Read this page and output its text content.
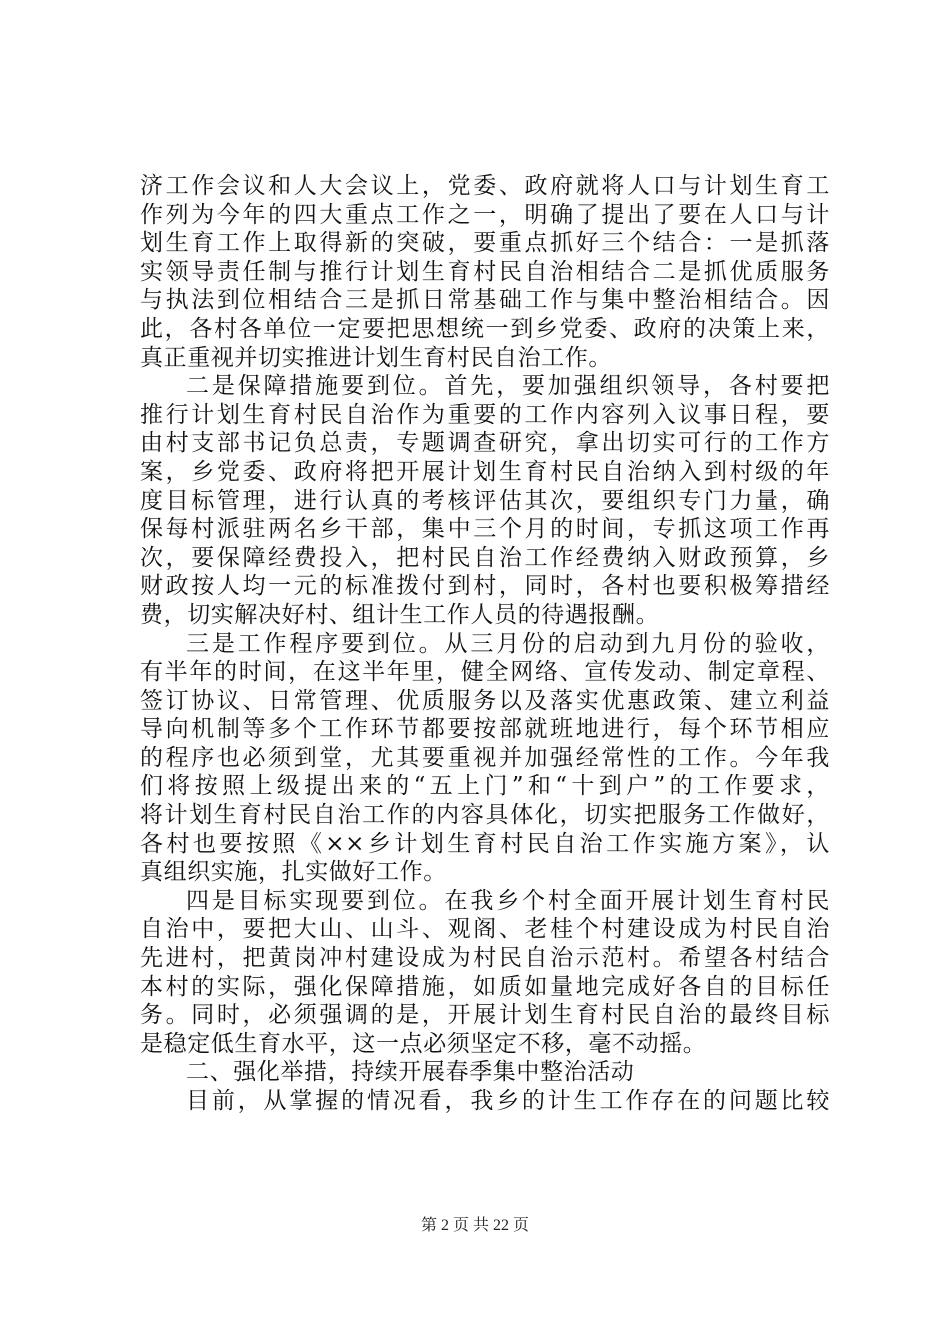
济工作会议和人大会议上，党委、政府就将人口与计划生育工
作列为今年的四大重点工作之一，明确了提出了要在人口与计
划生育工作上取得新的突破，要重点抓好三个结合：一是抓落
实领导责任制与推行计划生育村民自治相结合二是抓优质服务
与执法到位相结合三是抓日常基础工作与集中整治相结合。因
此，各村各单位一定要把思想统一到乡党委、政府的决策上来，
真正重视并切实推进计划生育村民自治工作。
二是保障措施要到位。首先，要加强组织领导，各村要把
推行计划生育村民自治作为重要的工作内容列入议事日程，要
由村支部书记负总责，专题调查研究，拿出切实可行的工作方
案，乡党委、政府将把开展计划生育村民自治纳入到村级的年
度目标管理，进行认真的考核评估其次，要组织专门力量，确
保每村派驻两名乡干部，集中三个月的时间，专抓这项工作再
次，要保障经费投入，把村民自治工作经费纳入财政预算，乡
财政按人均一元的标准拨付到村，同时，各村也要积极筹措经
费，切实解决好村、组计生工作人员的待遇报酬。
三是工作程序要到位。从三月份的启动到九月份的验收，
有半年的时间，在这半年里，健全网络、宣传发动、制定章程、
签订协议、日常管理、优质服务以及落实优惠政策、建立利益
导向机制等多个工作环节都要按部就班地进行，每个环节相应
的程序也必须到堂，尤其要重视并加强经常性的工作。今年我
们将按照上级提出来的“五上门”和“十到户”的工作要求，
将计划生育村民自治工作的内容具体化，切实把服务工作做好，
各村也要按照《××乡计划生育村民自治工作实施方案》，认
真组织实施，扎实做好工作。
四是目标实现要到位。在我乡个村全面开展计划生育村民
自治中，要把大山、山斗、观阁、老桂个村建设成为村民自治
先进村，把黄岗冲村建设成为村民自治示范村。希望各村结合
本村的实际，强化保障措施，如质如量地完成好各自的目标任
务。同时，必须强调的是，开展计划生育村民自治的最终目标
是稳定低生育水平，这一点必须坚定不移，毫不动摇。
二、强化举措，持续开展春季集中整治活动
目前，从掌握的情况看，我乡的计生工作存在的问题比较
第 2 页 共 22 页
